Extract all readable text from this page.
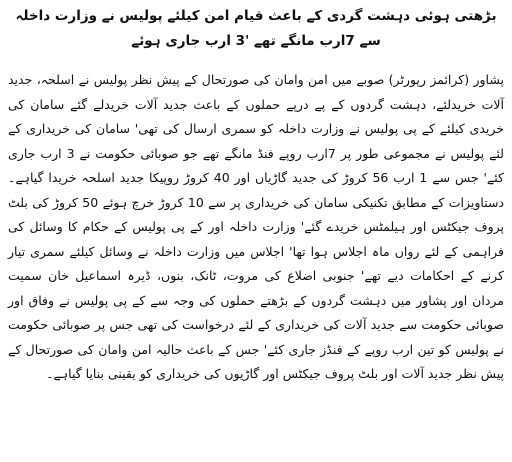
بڑھتی ہوئی دہشت گردی کے باعث قیام امن کیلئے پولیس نے وزارت داخلہ سے 7ارب مانگے تھے '3 ارب جاری ہوئے

پشاور (کرائمز رپورٹر) صوبے میں امن وامان کی صورتحال کے پیش نظر پولیس نے اسلحہ، جدید آلات خریدلئے، دہشت گردوں کے پے درپے حملوں کے باعث جدید آلات خریدلے گئے سامان کی خریدی کیلئے کے پی پولیس نے وزارت داخلہ کو سمری ارسال کی تھی' سامان کی خریداری کے لئے پولیس نے مجموعی طور پر 7ارب روپے فنڈ مانگے تھے جو صوبائی حکومت نے 3 ارب جاری کئے' جس سے 1 ارب 56 کروڑ کی جدید گاڑیاں اور 40 کروڑ روپیکا جدید اسلحہ خریدا گیاہے۔ دستاویزات کے مطابق تکنیکی سامان کی خریداری پر سے 10 کروڑ خرچ ہوئے 50 کروڑ کی بلٹ پروف جیکٹس اور ہیلمٹس خریدے گئے' وزارت داخلہ اور کے پی پولیس کے حکام کا وسائل کی فراہمی کے لئے رواں ماہ اجلاس ہوا تھا' اجلاس میں وزارت داخلہ نے وسائل کیلئے سمری تیار کرنے کے احکامات دیے تھے' جنوبی اضلاع کی مروت، ٹانک، بنوں، ڈیرہ اسماعیل خان سمیت مردان اور پشاور میں دہشت گردوں کے بڑھتے حملوں کی وجہ سے کے پی پولیس نے وفاق اور صوبائی حکومت سے جدید آلات کی خریداری کے لئے درخواست کی تھی جس پر صوبائی حکومت نے پولیس کو تین ارب روپے کے فنڈز جاری کئے' جس کے باعث حالیہ امن وامان کی صورتحال کے پیش نظر جدید آلات اور بلٹ پروف جیکٹس اور گاڑیوں کی خریداری کو یقینی بنایا گیاہے۔
